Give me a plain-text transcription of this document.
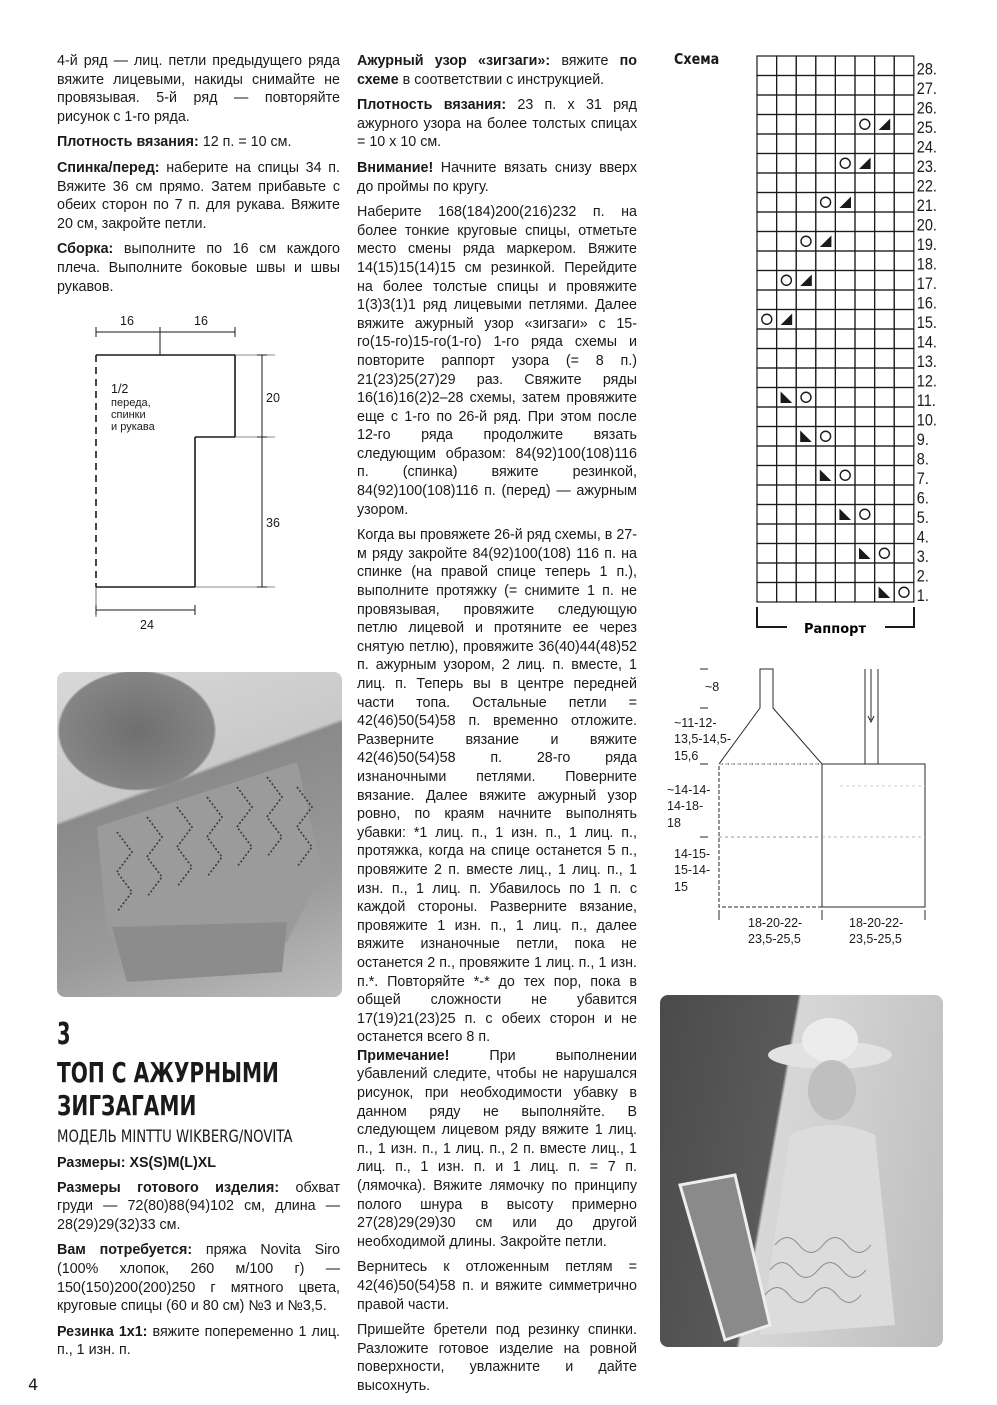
4-й ряд — лиц. петли предыдущего ряда вяжите лицевыми, накиды снимайте не провязывая. 5-й ряд — повторяйте рисунок с 1-го ряда.

Плотность вязания: 12 п. = 10 см.

Спинка/перед: наберите на спицы 34 п. Вяжите 36 см прямо. Затем прибавьте с обеих сторон по 7 п. для рукава. Вяжите 20 см, закройте петли.

Сборка: выполните по 16 см каждого плеча. Выполните боковые швы и швы рукавов.

16	16
20
36
24
1/2
переда,
спинки
и рукава
3
ТОП С АЖУРНЫМИ
ЗИГЗАГАМИ
МОДЕЛЬ MINTTU WIKBERG/NOVITA

Размеры: XS(S)M(L)XL

Размеры готового изделия: обхват груди — 72(80)88(94)102 см, длина — 28(29)29(32)33 см.

Вам потребуется: пряжа Novita Siro (100% хлопок, 260 м/100 г) — 150(150)200(200)250 г мятного цвета, круговые спицы (60 и 80 см) №3 и №3,5.

Резинка 1x1: вяжите попеременно 1 лиц. п., 1 изн. п.

Ажурный узор «зигзаги»: вяжите по схеме в соответствии с инструкцией.

Плотность вязания: 23 п. х 31 ряд ажурного узора на более толстых спицах = 10 х 10 см.

Внимание! Начните вязать снизу вверх до проймы по кругу.

Наберите 168(184)200(216)232 п. на более тонкие круговые спицы, отметьте место смены ряда маркером. Вяжите 14(15)15(14)15 см резинкой. Перейдите на более толстые спицы и провяжите 1(3)3(1)1 ряд лицевыми петлями. Далее вяжите ажурный узор «зигзаги» с 15-го(15-го)15-го(1-го) 1-го ряда схемы и повторите раппорт узора (= 8 п.) 21(23)25(27)29 раз. Свяжите ряды 16(16)16(2)2–28 схемы, затем провяжите еще с 1-го по 26-й ряд. При этом после 12-го ряда продолжите вязать следующим образом: 84(92)100(108)116 п. (спинка) вяжите резинкой, 84(92)100(108)116 п. (перед) — ажурным узором.

Когда вы провяжете 26-й ряд схемы, в 27-м ряду закройте 84(92)100(108) 116 п. на спинке (на правой спице теперь 1 п.), выполните протяжку (= снимите 1 п. не провязывая, провяжите следующую петлю лицевой и протяните ее через снятую петлю), провяжите 36(40)44(48)52 п. ажурным узором, 2 лиц. п. вместе, 1 лиц. п. Теперь вы в центре передней части топа. Остальные петли = 42(46)50(54)58 п. временно отложите. Разверните вязание и вяжите 42(46)50(54)58 п. 28-го ряда изнаночными петлями. Поверните вязание. Далее вяжите ажурный узор ровно, по краям начните выполнять убавки: *1 лиц. п., 1 изн. п., 1 лиц. п., протяжка, когда на спице останется 5 п., провяжите 2 п. вместе лиц., 1 лиц. п., 1 изн. п., 1 лиц. п. Убавилось по 1 п. с каждой стороны. Разверните вязание, провяжите 1 изн. п., 1 лиц. п., далее вяжите изнаночные петли, пока не останется 2 п., провяжите 1 лиц. п., 1 изн. п.*. Повторяйте *-* до тех пор, пока в общей сложности не убавится 17(19)21(23)25 п. с обеих сторон и не останется всего 8 п.

Примечание! При выполнении убавлений следите, чтобы не нарушался рисунок, при необходимости убавку в данном ряду не выполняйте. В следующем лицевом ряду вяжите 1 лиц. п., 1 изн. п., 1 лиц. п., 2 п. вместе лиц., 1 лиц. п., 1 изн. п. и 1 лиц. п. = 7 п. (лямочка). Вяжите лямочку по принципу полого шнура в высоту примерно 27(28)29(29)30 см или до другой необходимой длины. Закройте петли.

Вернитесь к отложенным петлям = 42(46)50(54)58 п. и вяжите симметрично правой части.

Пришейте бретели под резинку спинки. Разложите готовое изделие на ровной поверхности, увлажните и дайте высохнуть.

Схема
1.
2.
3.
4.
5.
6.
7.
8.
9.
10.
11.
12.
13.
14.
15.
16.
17.
18.
19.
20.
21.
22.
23.
24.
25.
26.
27.
28.
Раппорт
~8
~11-12-
13,5-14,5-
15,6
~14-14-
14-18-
18
14-15-
15-14-
15
18-20-22-
23,5-25,5
18-20-22-
23,5-25,5
4
